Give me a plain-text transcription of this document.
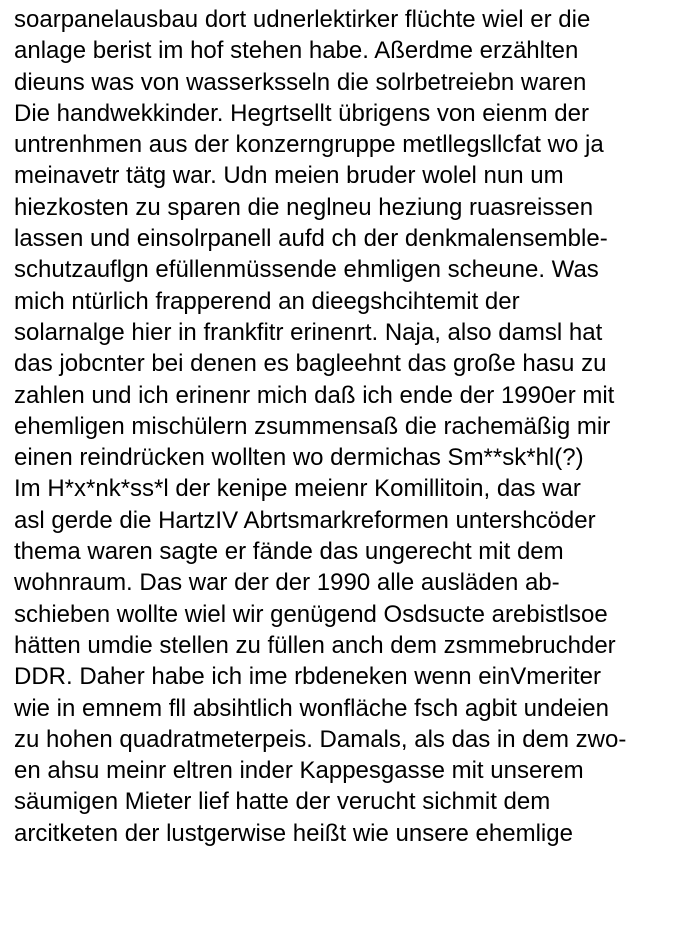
soarpanelausbau dort udnerlektirker flüchte wiel er die
anlage berist im hof stehen habe. Aßerdme erzählten
dieuns was von wasserksseln die solrbetreiebn waren
Die handwekkinder. Hegrtsellt übrigens von eienm der
untrenhmen aus der konzerngruppe metllegsllcfat wo ja
meinavetr tätg war. Udn meien bruder wolel nun um
hiezkosten zu sparen die neglneu heziung ruasreissen
lassen und einsolrpanell aufd ch der denkmalensemble-
schutzauflgn efüllenmüssende ehmligen scheune. Was
mich ntürlich frapperend an dieegshcihtemit der
solarnalge hier in frankfitr erinenrt. Naja, also damsl hat
das jobcnter bei denen es bagleehnt das große hasu zu
zahlen und ich erinenr mich daß ich ende der 1990er mit
ehemligen mischülern zsummensaß die rachemäßig mir
einen reindrücken wollten wo dermichas Sm**sk*hl(?)
Im H*x*nk*ss*l der kenipe meienr Komillitoin, das war
asl gerde die HartzIV Abrtsmarkreformen untershcöder
thema waren sagte er fände das ungerecht mit dem
wohnraum. Das war der der 1990 alle ausläden ab-
schieben wollte wiel wir genügend Osdsucte arebistlsoe
hätten umdie stellen zu füllen anch dem zsmmebruchder
DDR. Daher habe ich ime rbdeneken wenn einVmeriter
wie in emnem fll absihtlich wonfläche fsch agbit undeien
zu hohen quadratmeterpeis. Damals, als das in dem zwo-
en ahsu meinr eltren inder Kappesgasse mit unserem
säumigen Mieter lief hatte der verucht sichmit dem
arcitketen der lustgerwise heißt wie unsere ehemlige
